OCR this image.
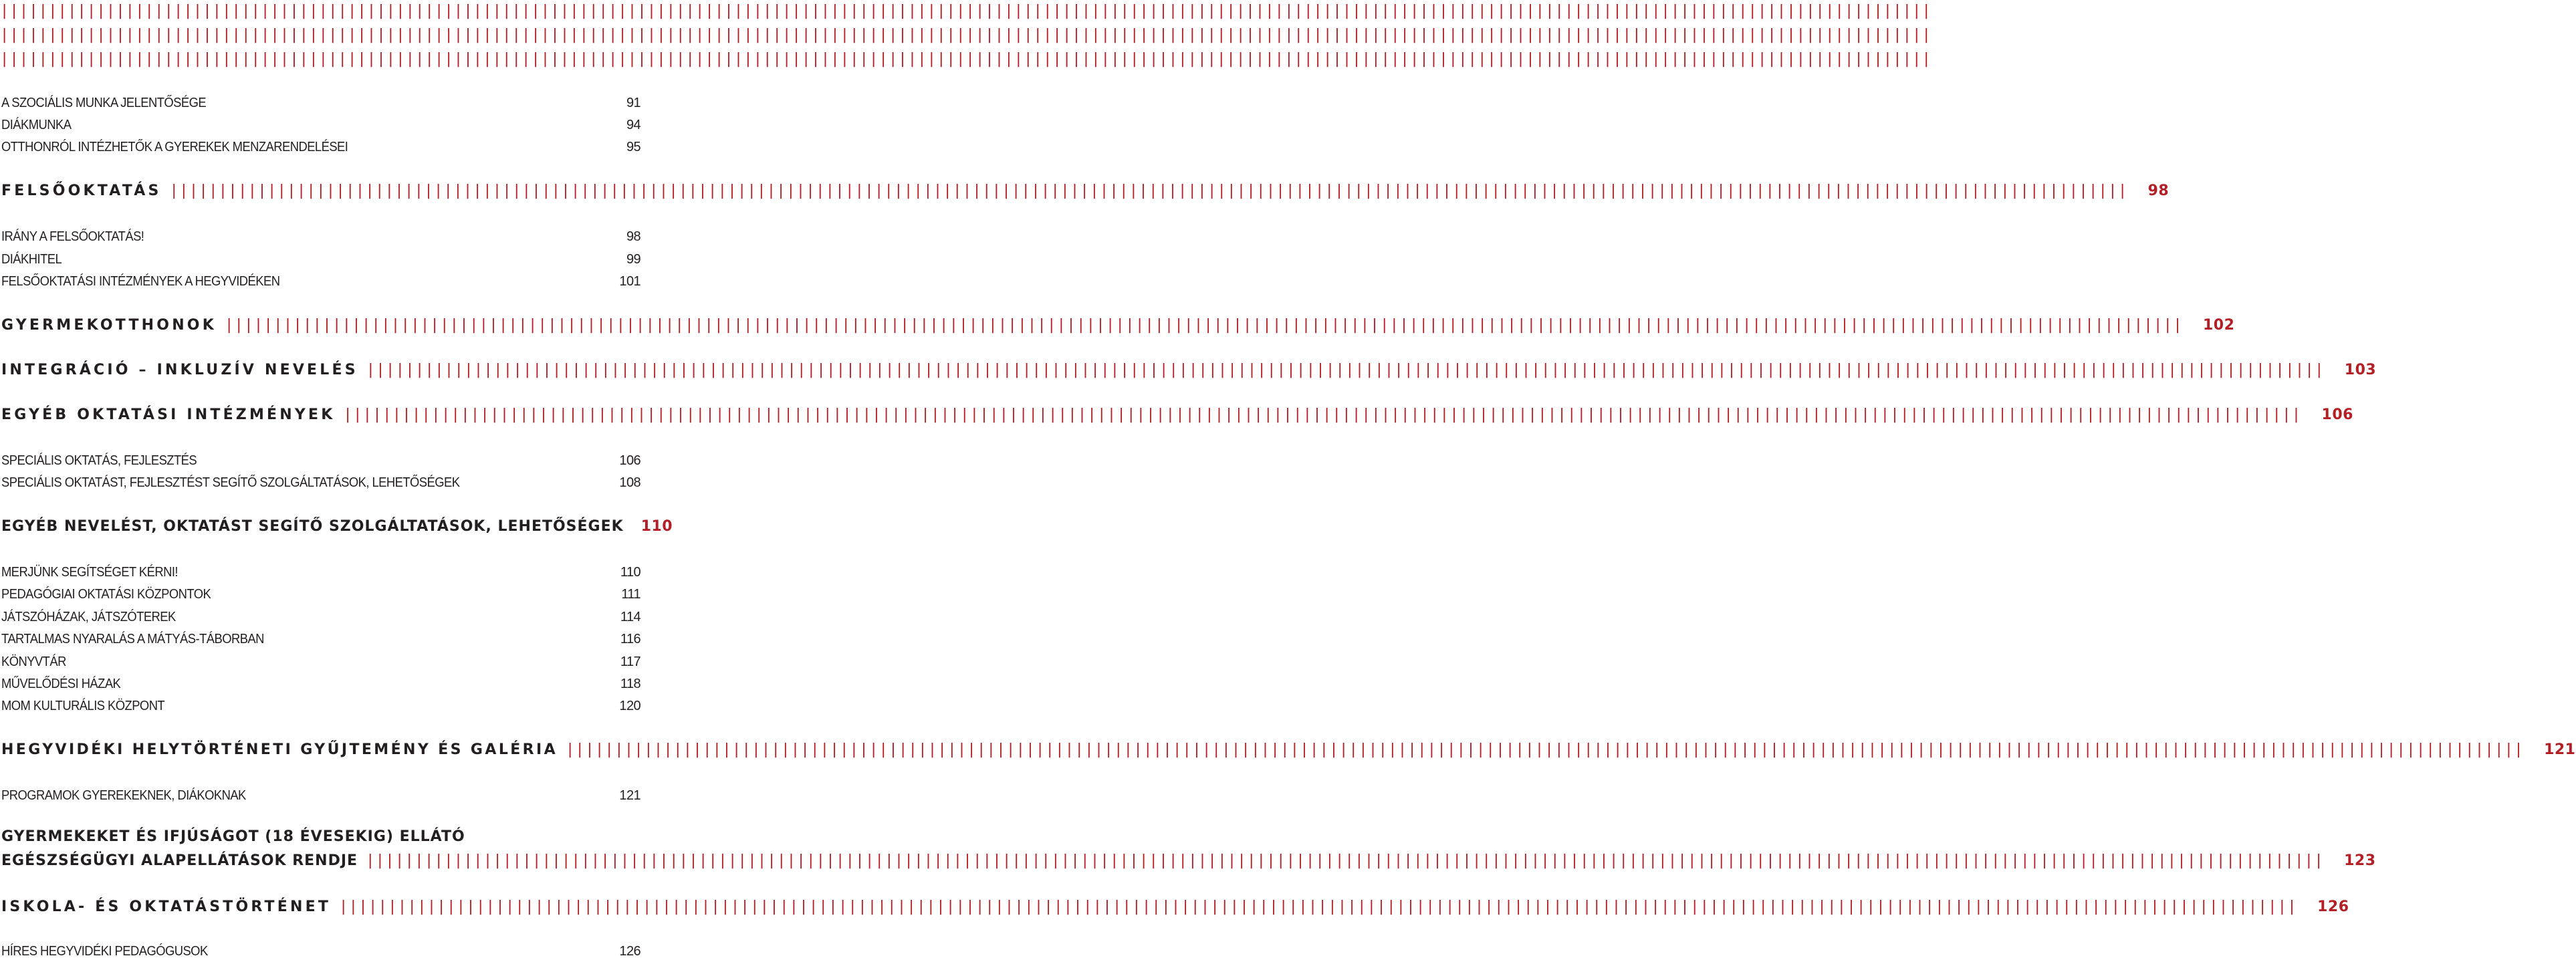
||||||||||||||||||||||||||||||||||||||||||||||||||||||||||||||||||||||||||||||||||||||||||||||||||||||||||||||||||||||||||||||||||||||||||||||||||||||||||||||||||||||||||||||||||||||||||||||||||||||||
||||||||||||||||||||||||||||||||||||||||||||||||||||||||||||||||||||||||||||||||||||||||||||||||||||||||||||||||||||||||||||||||||||||||||||||||||||||||||||||||||||||||||||||||||||||||||||||||||||||||
||||||||||||||||||||||||||||||||||||||||||||||||||||||||||||||||||||||||||||||||||||||||||||||||||||||||||||||||||||||||||||||||||||||||||||||||||||||||||||||||||||||||||||||||||||||||||||||||||||||||
A SZOCIÁLIS MUNKA JELENTŐSÉGE	91
DIÁKMUNKA	94
OTTHONRÓL INTÉZHETŐK A GYEREKEK MENZARENDELÉSEI	95
FELSŐOKTATÁS |||||||||||||||||||||||||||||||||||||||||||||||||||||||||||||||||||||||||||||||||||||||||||||||||||||||||||||||||||||||||||||||||||||||||||||||||||||||||||||||||||||||||||||||||||||||||||||||||||||||| 98
IRÁNY A FELSŐOKTATÁS!	98
DIÁKHITEL	99
FELSŐOKTATÁSI INTÉZMÉNYEK A HEGYVIDÉKEN	101
GYERMEKOTTHONOK |||||||||||||||||||||||||||||||||||||||||||||||||||||||||||||||||||||||||||||||||||||||||||||||||||||||||||||||||||||||||||||||||||||||||||||||||||||||||||||||||||||||||||||||||||||||||||||||||||||||| 102
INTEGRÁCIÓ – INKLUZÍV NEVELÉS |||||||||||||||||||||||||||||||||||||||||||||||||||||||||||||||||||||||||||||||||||||||||||||||||||||||||||||||||||||||||||||||||||||||||||||||||||||||||||||||||||||||||||||||||||||||||||||||||||||||| 103
EGYÉB OKTATÁSI INTÉZMÉNYEK |||||||||||||||||||||||||||||||||||||||||||||||||||||||||||||||||||||||||||||||||||||||||||||||||||||||||||||||||||||||||||||||||||||||||||||||||||||||||||||||||||||||||||||||||||||||||||||||||||||||| 106
SPECIÁLIS OKTATÁS, FEJLESZTÉS	106
SPECIÁLIS OKTATÁST, FEJLESZTÉST SEGÍTŐ SZOLGÁLTATÁSOK, LEHETŐSÉGEK	108
EGYÉB NEVELÉST, OKTATÁST SEGÍTŐ SZOLGÁLTATÁSOK, LEHETŐSÉGEK 110
MERJÜNK SEGÍTSÉGET KÉRNI!	110
PEDAGÓGIAI OKTATÁSI KÖZPONTOK	111
JÁTSZÓHÁZAK, JÁTSZÓTEREK	114
TARTALMAS NYARALÁS A MÁTYÁS-TÁBORBAN	116
KÖNYVTÁR	117
MŰVELŐDÉSI HÁZAK	118
MOM KULTURÁLIS KÖZPONT	120
HEGYVIDÉKI HELYTÖRTÉNETI GYŰJTEMÉNY ÉS GALÉRIA |||||||||||||||||||||||||||||||||||||||||||||||||||||||||||||||||||||||||||||||||||||||||||||||||||||||||||||||||||||||||||||||||||||||||||||||||||||||||||||||||||||||||||||||||||||||||||||||||||||||| 121
PROGRAMOK GYEREKEKNEK, DIÁKOKNAK	121
GYERMEKEKET ÉS IFJÚSÁGOT (18 ÉVESEKIG) ELLÁTÓ
EGÉSZSÉGÜGYI ALAPELLÁTÁSOK RENDJE |||||||||||||||||||||||||||||||||||||||||||||||||||||||||||||||||||||||||||||||||||||||||||||||||||||||||||||||||||||||||||||||||||||||||||||||||||||||||||||||||||||||||||||||||||||||||||||||||||||||| 123
ISKOLA- ÉS OKTATÁSTÖRTÉNET |||||||||||||||||||||||||||||||||||||||||||||||||||||||||||||||||||||||||||||||||||||||||||||||||||||||||||||||||||||||||||||||||||||||||||||||||||||||||||||||||||||||||||||||||||||||||||||||||||||||| 126
HÍRES HEGYVIDÉKI PEDAGÓGUSOK	126
